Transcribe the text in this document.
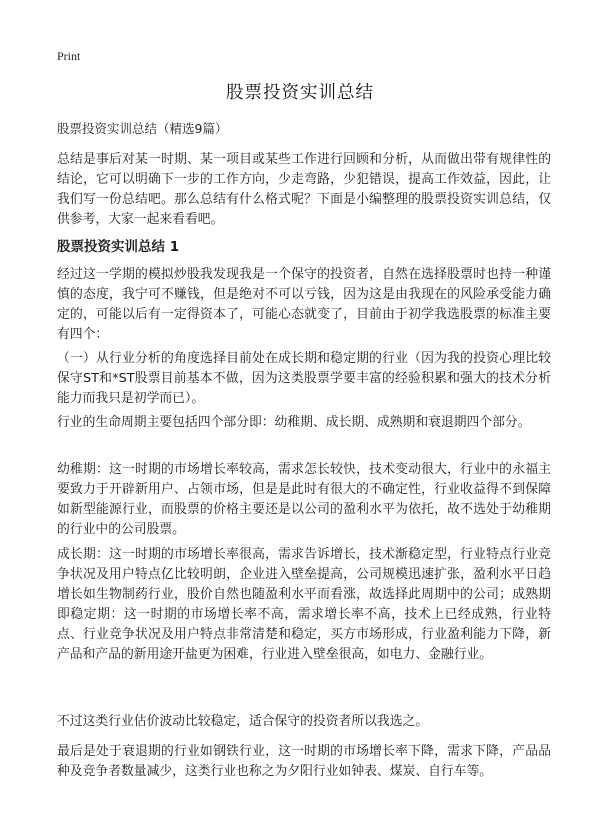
Print
股票投资实训总结
股票投资实训总结（精选9篇）

总结是事后对某一时期、某一项目或某些工作进行回顾和分析，从而做出带有规律性的结论，它可以明确下一步的工作方向，少走弯路，少犯错误，提高工作效益，因此，让我们写一份总结吧。那么总结有什么格式呢？下面是小编整理的股票投资实训总结，仅供参考，大家一起来看看吧。

股票投资实训总结 1

经过这一学期的模拟炒股我发现我是一个保守的投资者，自然在选择股票时也持一种谨慎的态度，我宁可不赚钱，但是绝对不可以亏钱，因为这是由我现在的风险承受能力确定的，可能以后有一定得资本了，可能心态就变了，目前由于初学我选股票的标准主要有四个：

（一）从行业分析的角度选择目前处在成长期和稳定期的行业（因为我的投资心理比较保守ST和*ST股票目前基本不做，因为这类股票学要丰富的经验积累和强大的技术分析能力而我只是初学而已）。

行业的生命周期主要包括四个部分即：幼稚期、成长期、成熟期和衰退期四个部分。

幼稚期：这一时期的市场增长率较高，需求怎长较快，技术变动很大，行业中的永福主要致力于开辟新用户、占领市场，但是是此时有很大的不确定性，行业收益得不到保障如新型能源行业，而股票的价格主要还是以公司的盈利水平为依托，故不选处于幼稚期的行业中的公司股票。

成长期：这一时期的市场增长率很高，需求告诉增长，技术渐稳定型，行业特点行业竞争状况及用户特点亿比较明朗，企业进入壁垒提高，公司规模迅速扩张，盈利水平日趋增长如生物制药行业，股价自然也随盈利水平而看涨，故选择此周期中的公司；成熟期即稳定期：这一时期的市场增长率不高，需求增长率不高，技术上已经成熟，行业特点、行业竞争状况及用户特点非常清楚和稳定，买方市场形成，行业盈利能力下降，新产品和产品的新用途开盐更为困难，行业进入壁垒很高，如电力、金融行业。

不过这类行业估价波动比较稳定，适合保守的投资者所以我选之。

最后是处于衰退期的行业如钢铁行业，这一时期的市场增长率下降，需求下降，产品品种及竞争者数量减少，这类行业也称之为夕阳行业如钟表、煤炭、自行车等。
